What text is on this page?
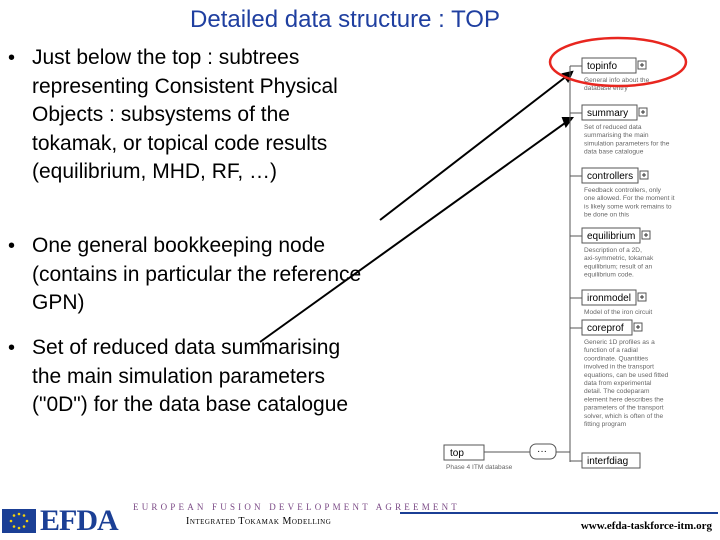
Detailed data structure : TOP
• Just below the top : subtrees representing Consistent Physical Objects : subsystems of the tokamak, or topical code results (equilibrium, MHD, RF, …)
• One general bookkeeping node (contains in particular the reference GPN)
• Set of reduced data summarising the main simulation parameters ("0D") for the data base catalogue
top
Phase 4 ITM database
···
topinfo
General info about the
database entry
summary
Set of reduced data
summarising the main
simulation parameters for the
data base catalogue
controllers
Feedback controllers, only
one allowed. For the moment it
is likely some work remains to
be done on this
equilibrium
Description of a 2D,
axi-symmetric, tokamak
equilibrium; result of an
equilibrium code.
ironmodel
Model of the iron circuit
coreprof
Generic 1D profiles as a
function of a radial
coordinate. Quantities
involved in the transport
equations, can be used fitted
data from experimental
detail. The codeparam
element here describes the
parameters of the transport
solver, which is often of the
fitting program
interfdiag
EFDA EUROPEAN FUSION DEVELOPMENT AGREEMENT
Integrated Tokamak Modelling	www.efda-taskforce-itm.org
